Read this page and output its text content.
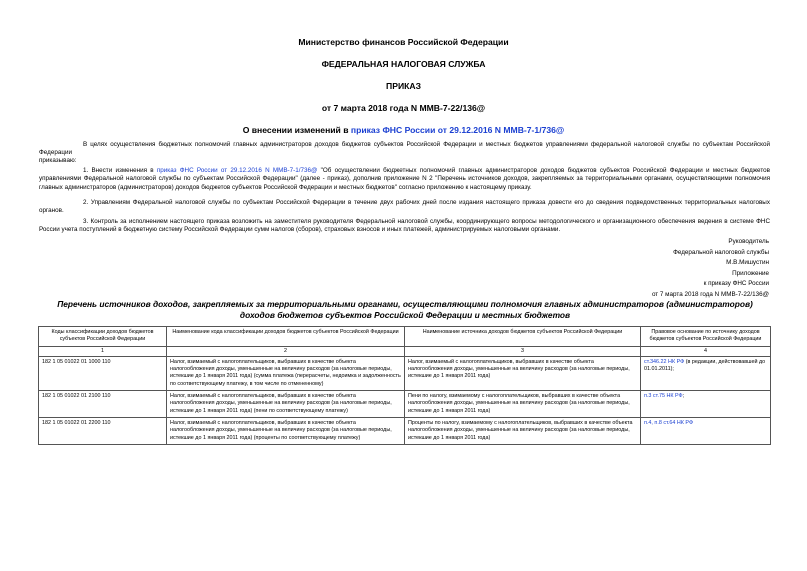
Министерство финансов Российской Федерации
ФЕДЕРАЛЬНАЯ НАЛОГОВАЯ СЛУЖБА
ПРИКАЗ
от 7 марта 2018 года N ММВ-7-22/136@
О внесении изменений в приказ ФНС России от 29.12.2016 N ММВ-7-1/736@
В целях осуществления бюджетных полномочий главных администраторов доходов бюджетов субъектов Российской Федерации и местных бюджетов управлениями федеральной налоговой службы по субъектам Российской Федерации
приказываю:
1. Внести изменения в приказ ФНС России от 29.12.2016 N ММВ-7-1/736@ "Об осуществлении бюджетных полномочий главных администраторов доходов бюджетов субъектов Российской Федерации и местных бюджетов управлениями Федеральной налоговой службы по субъектам Российской Федерации" (далее - приказ), дополнив приложение N 2 "Перечень источников доходов, закрепляемых за территориальными органами, осуществляющими полномочия главных администраторов (администраторов) доходов бюджетов субъектов Российской Федерации и местных бюджетов" согласно приложению к настоящему приказу.
2. Управлениям Федеральной налоговой службы по субъектам Российской Федерации в течение двух рабочих дней после издания настоящего приказа довести его до сведения подведомственных территориальных налоговых органов.
3. Контроль за исполнением настоящего приказа возложить на заместителя руководителя Федеральной налоговой службы, координирующего вопросы методологического и организационного обеспечения ведения в системе ФНС России учета поступлений в бюджетную систему Российской Федерации сумм налогов (сборов), страховых взносов и иных платежей, администрируемых налоговыми органами.
Руководитель
Федеральной налоговой службы
М.В.Мишустин
Приложение
к приказу ФНС России
от 7 марта 2018 года N ММВ-7-22/136@
Перечень источников доходов, закрепляемых за территориальными органами, осуществляющими полномочия главных администраторов (администраторов) доходов бюджетов субъектов Российской Федерации и местных бюджетов
Коды классификации доходов бюджетов субъектов Российской Федерации	Наименование кода классификации доходов бюджетов субъектов Российской Федерации	Наименование источника доходов бюджетов субъектов Российской Федерации	Правовое основание по источнику доходов бюджетов субъектов Российской Федерации
1	2	3	4
182 1 05 01022 01 1000 110	Налог, взимаемый с налогоплательщиков, выбравших в качестве объекта налогообложения доходы, уменьшенные на величину расходов (за налоговые периоды, истекшие до 1 января 2011 года) (сумма платежа (перерасчеты, недоимка и задолженность по соответствующему платежу, в том числе по отмененному)	Налог, взимаемый с налогоплательщиков, выбравших в качестве объекта налогообложения доходы, уменьшенные на величину расходов (за налоговые периоды, истекшие до 1 января 2011 года)	ст.346.22 НК РФ (в редакции, действовавшей до 01.01.2011);
182 1 05 01022 01 2100 110	Налог, взимаемый с налогоплательщиков, выбравших в качестве объекта налогообложения доходы, уменьшенные на величину расходов (за налоговые периоды, истекшие до 1 января 2011 года) (пени по соответствующему платежу)	Пени по налогу, взимаемому с налогоплательщиков, выбравших в качестве объекта налогообложения доходы, уменьшенные на величину расходов (за налоговые периоды, истекшие до 1 января 2011 года)	п.3 ст.75 НК РФ;
182 1 05 01022 01 2200 110	Налог, взимаемый с налогоплательщиков, выбравших в качестве объекта налогообложения доходы, уменьшенные на величину расходов (за налоговые периоды, истекшие до 1 января 2011 года) (проценты по соответствующему платежу)	Проценты по налогу, взимаемому с налогоплательщиков, выбравших в качестве объекта налогообложения доходы, уменьшенные на величину расходов (за налоговые периоды, истекшие до 1 января 2011 года)	п.4, п.8 ст.64 НК РФ
